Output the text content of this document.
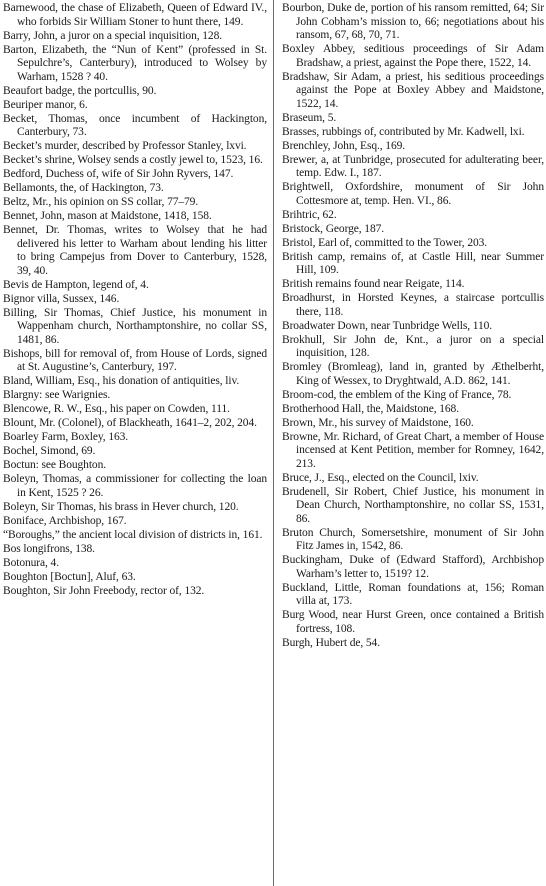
Barnewood, the chase of Elizabeth, Queen of Edward IV., who forbids Sir William Stoner to hunt there, 149.

Barry, John, a juror on a special inquisition, 128.

Barton, Elizabeth, the “Nun of Kent” (professed in St. Sepulchre’s, Canterbury), introduced to Wolsey by Warham, 1528 ? 40.

Beaufort badge, the portcullis, 90.

Beuriper manor, 6.

Becket, Thomas, once incumbent of Hackington, Canterbury, 73.

Becket’s murder, described by Professor Stanley, lxvi.

Becket’s shrine, Wolsey sends a costly jewel to, 1523, 16.

Bedford, Duchess of, wife of Sir John Ryvers, 147.

Bellamonts, the, of Hackington, 73.

Beltz, Mr., his opinion on SS collar, 77–79.

Bennet, John, mason at Maidstone, 1418, 158.

Bennet, Dr. Thomas, writes to Wolsey that he had delivered his letter to Warham about lending his litter to bring Campejus from Dover to Canterbury, 1528, 39, 40.

Bevis de Hampton, legend of, 4.

Bignor villa, Sussex, 146.

Billing, Sir Thomas, Chief Justice, his monument in Wappenham church, Northamptonshire, no collar SS, 1481, 86.

Bishops, bill for removal of, from House of Lords, signed at St. Augustine’s, Canterbury, 197.

Bland, William, Esq., his donation of antiquities, liv.

Blargny: see Warignies.

Blencowe, R. W., Esq., his paper on Cowden, 111.

Blount, Mr. (Colonel), of Blackheath, 1641–2, 202, 204.

Boarley Farm, Boxley, 163.

Bochel, Simond, 69.

Boctun: see Boughton.

Boleyn, Thomas, a commissioner for collecting the loan in Kent, 1525 ? 26.

Boleyn, Sir Thomas, his brass in Hever church, 120.

Boniface, Archbishop, 167.

“Boroughs,” the ancient local division of districts in, 161.

Bos longifrons, 138.

Botonura, 4.

Boughton [Boctun], Aluf, 63.

Boughton, Sir John Freebody, rector of, 132.

Bourbon, Duke de, portion of his ransom remitted, 64; Sir John Cobham’s mission to, 66; negotiations about his ransom, 67, 68, 70, 71.

Boxley Abbey, seditious proceedings of Sir Adam Bradshaw, a priest, against the Pope there, 1522, 14.

Bradshaw, Sir Adam, a priest, his seditious proceedings against the Pope at Boxley Abbey and Maidstone, 1522, 14.

Braseum, 5.

Brasses, rubbings of, contributed by Mr. Kadwell, lxi.

Brenchley, John, Esq., 169.

Brewer, a, at Tunbridge, prosecuted for adulterating beer, temp. Edw. I., 187.

Brightwell, Oxfordshire, monument of Sir John Cottesmore at, temp. Hen. VI., 86.

Brihtric, 62.

Bristock, George, 187.

Bristol, Earl of, committed to the Tower, 203.

British camp, remains of, at Castle Hill, near Summer Hill, 109.

British remains found near Reigate, 114.

Broadhurst, in Horsted Keynes, a staircase portcullis there, 118.

Broadwater Down, near Tunbridge Wells, 110.

Brokhull, Sir John de, Knt., a juror on a special inquisition, 128.

Bromley (Bromleag), land in, granted by Æthelberht, King of Wessex, to Dryghtwald, A.D. 862, 141.

Broom-cod, the emblem of the King of France, 78.

Brotherhood Hall, the, Maidstone, 168.

Brown, Mr., his survey of Maidstone, 160.

Browne, Mr. Richard, of Great Chart, a member of House incensed at Kent Petition, member for Romney, 1642, 213.

Bruce, J., Esq., elected on the Council, lxiv.

Brudenell, Sir Robert, Chief Justice, his monument in Dean Church, Northamptonshire, no collar SS, 1531, 86.

Bruton Church, Somersetshire, monument of Sir John Fitz James in, 1542, 86.

Buckingham, Duke of (Edward Stafford), Archbishop Warham’s letter to, 1519? 12.

Buckland, Little, Roman foundations at, 156; Roman villa at, 173.

Burg Wood, near Hurst Green, once contained a British fortress, 108.

Burgh, Hubert de, 54.
